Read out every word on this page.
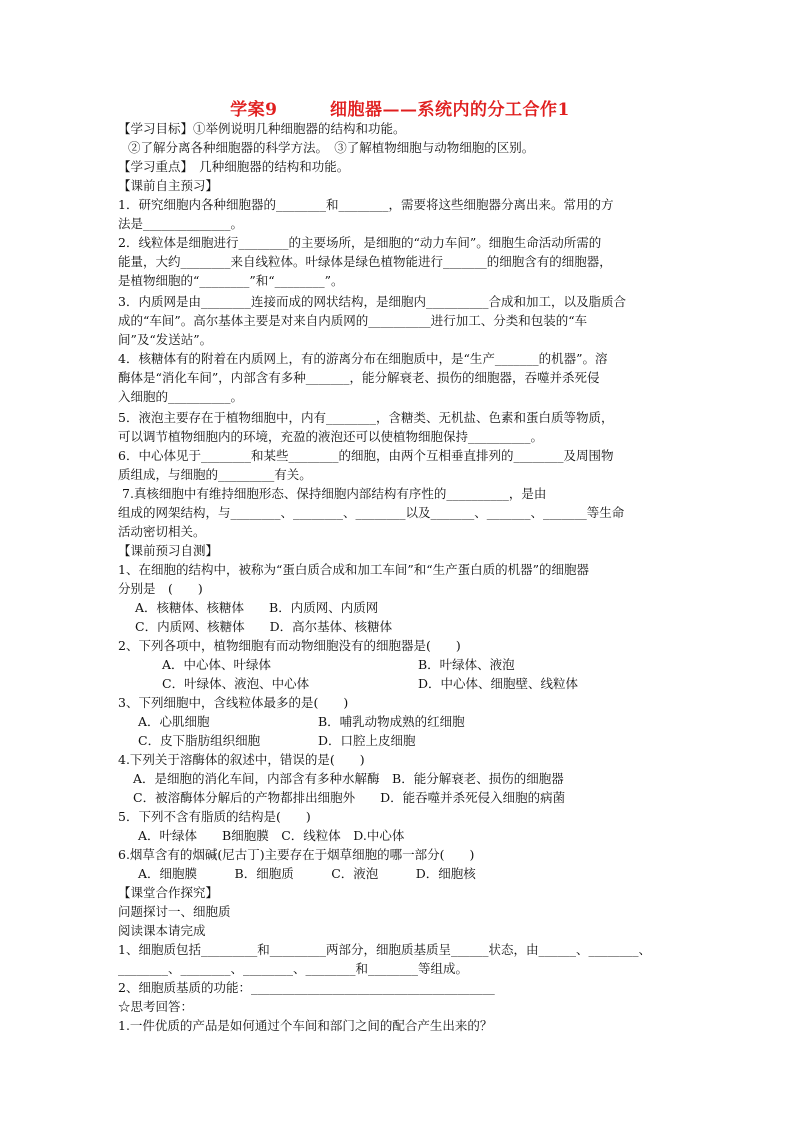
学案9　　　细胞器——系统内的分工合作1
【学习目标】①举例说明几种细胞器的结构和功能。
②了解分离各种细胞器的科学方法。　③了解植物细胞与动物细胞的区别。
【学习重点】　几种细胞器的结构和功能。
【课前自主预习】
1．研究细胞内各种细胞器的________和________，需要将这些细胞器分离出来。常用的方
法是______________。
2．线粒体是细胞进行________的主要场所，是细胞的“动力车间”。细胞生命活动所需的
能量，大约________来自线粒体。叶绿体是绿色植物能进行_______的细胞含有的细胞器，
是植物细胞的“________”和“________”。
3．内质网是由________连接而成的网状结构，是细胞内__________合成和加工，以及脂质合
成的“车间”。高尔基体主要是对来自内质网的__________进行加工、分类和包装的“车
间”及“发送站”。
4．核糖体有的附着在内质网上，有的游离分布在细胞质中，是“生产_______的机器”。溶
酶体是“消化车间”，内部含有多种_______，能分解衰老、损伤的细胞器，吞噬并杀死侵
入细胞的__________。
5．液泡主要存在于植物细胞中，内有________，含糖类、无机盐、色素和蛋白质等物质，
可以调节植物细胞内的环境，充盈的液泡还可以使植物细胞保持__________。
6．中心体见于________和某些________的细胞，由两个互相垂直排列的________及周围物
质组成，与细胞的_________有关。
7.真核细胞中有维持细胞形态、保持细胞内部结构有序性的__________，是由
组成的网架结构，与________、________、________以及_______、_______、_______等生命
活动密切相关。
【课前预习自测】
1、在细胞的结构中，被称为“蛋白质合成和加工车间”和“生产蛋白质的机器”的细胞器
分别是　(　　)
A．核糖体、核糖体　　B．内质网、内质网
C．内质网、核糖体　　D．高尔基体、核糖体
2、下列各项中，植物细胞有而动物细胞没有的细胞器是(　　)
A．中心体、叶绿体	B．叶绿体、液泡
C．叶绿体、液泡、中心体	D．中心体、细胞壁、线粒体
3、下列细胞中，含线粒体最多的是(　　)
A．心肌细胞	B．哺乳动物成熟的红细胞
C．皮下脂肪组织细胞	D．口腔上皮细胞
4.下列关于溶酶体的叙述中，错误的是(　　)
A．是细胞的消化车间，内部含有多种水解酶　B．能分解衰老、损伤的细胞器
C．被溶酶体分解后的产物都排出细胞外　　D．能吞噬并杀死侵入细胞的病菌
5．下列不含有脂质的结构是(　　)
A．叶绿体　　B细胞膜　C．线粒体　D.中心体
6.烟草含有的烟碱(尼古丁)主要存在于烟草细胞的哪一部分(　　)
A．细胞膜　　　B．细胞质　　　C．液泡　　　D．细胞核
【课堂合作探究】
问题探讨一、细胞质
阅读课本请完成
1、细胞质包括_________和_________两部分，细胞质基质呈______状态，由______、________、
________、________、________、________和________等组成。
2、细胞质基质的功能：_______________________________________
☆思考回答：
1.一件优质的产品是如何通过个车间和部门之间的配合产生出来的？
